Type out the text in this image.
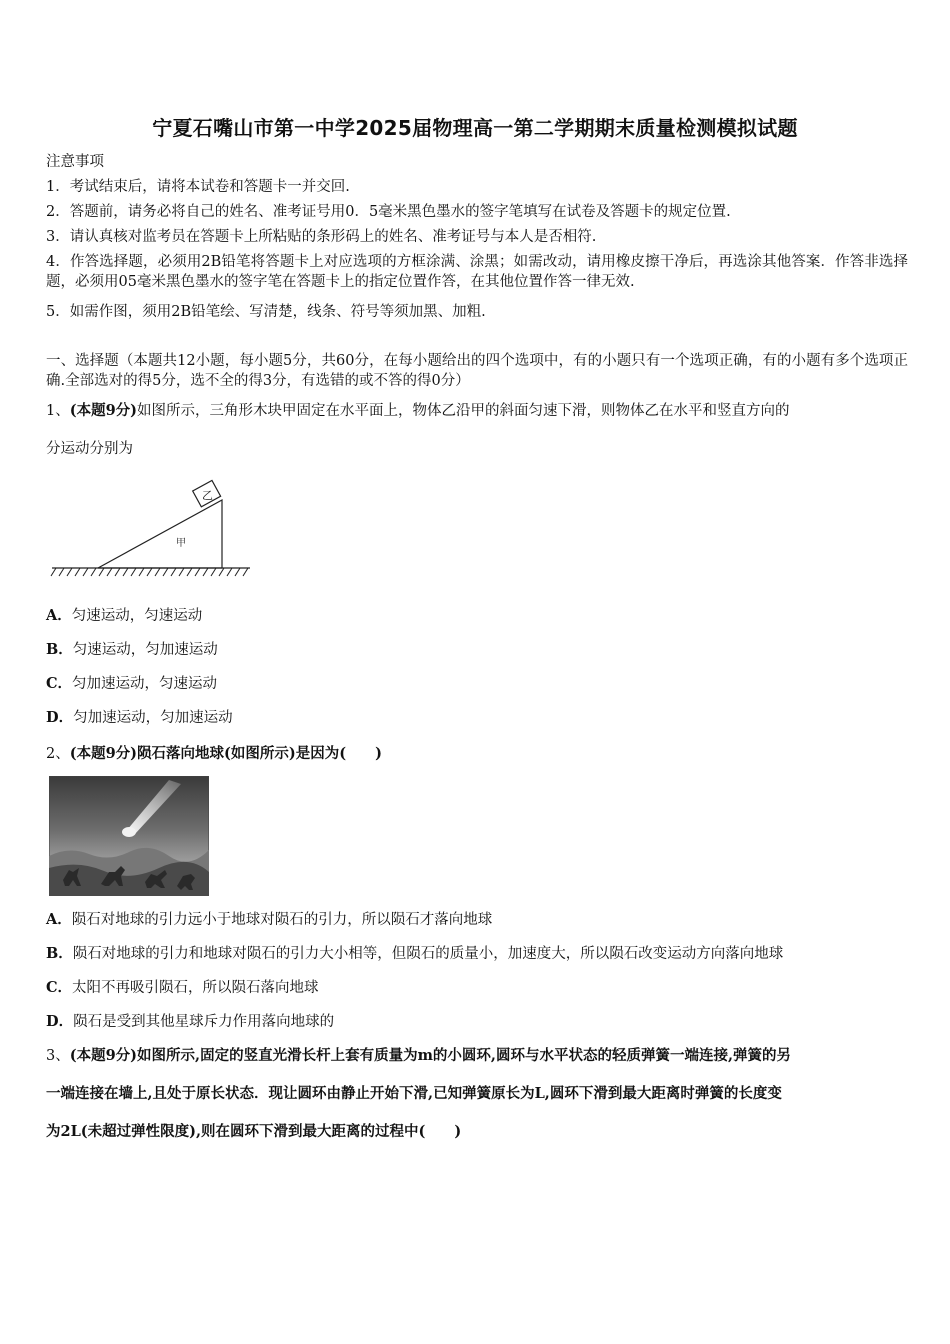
宁夏石嘴山市第一中学2025届物理高一第二学期期末质量检测模拟试题
注意事项
1．考试结束后，请将本试卷和答题卡一并交回.
2．答题前，请务必将自己的姓名、准考证号用0．5毫米黑色墨水的签字笔填写在试卷及答题卡的规定位置.
3．请认真核对监考员在答题卡上所粘贴的条形码上的姓名、准考证号与本人是否相符.
4．作答选择题，必须用2B铅笔将答题卡上对应选项的方框涂满、涂黑；如需改动，请用橡皮擦干净后，再选涂其他答案．作答非选择题，必须用05毫米黑色墨水的签字笔在答题卡上的指定位置作答，在其他位置作答一律无效.
5．如需作图，须用2B铅笔绘、写清楚，线条、符号等须加黑、加粗.
一、选择题（本题共12小题，每小题5分，共60分，在每小题给出的四个选项中，有的小题只有一个选项正确，有的小题有多个选项正确.全部选对的得5分，选不全的得3分，有选错的或不答的得0分）
1、(本题9分)如图所示，三角形木块甲固定在水平面上，物体乙沿甲的斜面匀速下滑，则物体乙在水平和竖直方向的
分运动分别为
乙
甲
A．匀速运动，匀速运动
B．匀速运动，匀加速运动
C．匀加速运动，匀速运动
D．匀加速运动，匀加速运动
2、(本题9分)陨石落向地球(如图所示)是因为(　　)
A．陨石对地球的引力远小于地球对陨石的引力，所以陨石才落向地球
B．陨石对地球的引力和地球对陨石的引力大小相等，但陨石的质量小，加速度大，所以陨石改变运动方向落向地球
C．太阳不再吸引陨石，所以陨石落向地球
D．陨石是受到其他星球斥力作用落向地球的
3、(本题9分)如图所示,固定的竖直光滑长杆上套有质量为m的小圆环,圆环与水平状态的轻质弹簧一端连接,弹簧的另
一端连接在墙上,且处于原长状态．现让圆环由静止开始下滑,已知弹簧原长为L,圆环下滑到最大距离时弹簧的长度变
为2L(未超过弹性限度),则在圆环下滑到最大距离的过程中(　　)
